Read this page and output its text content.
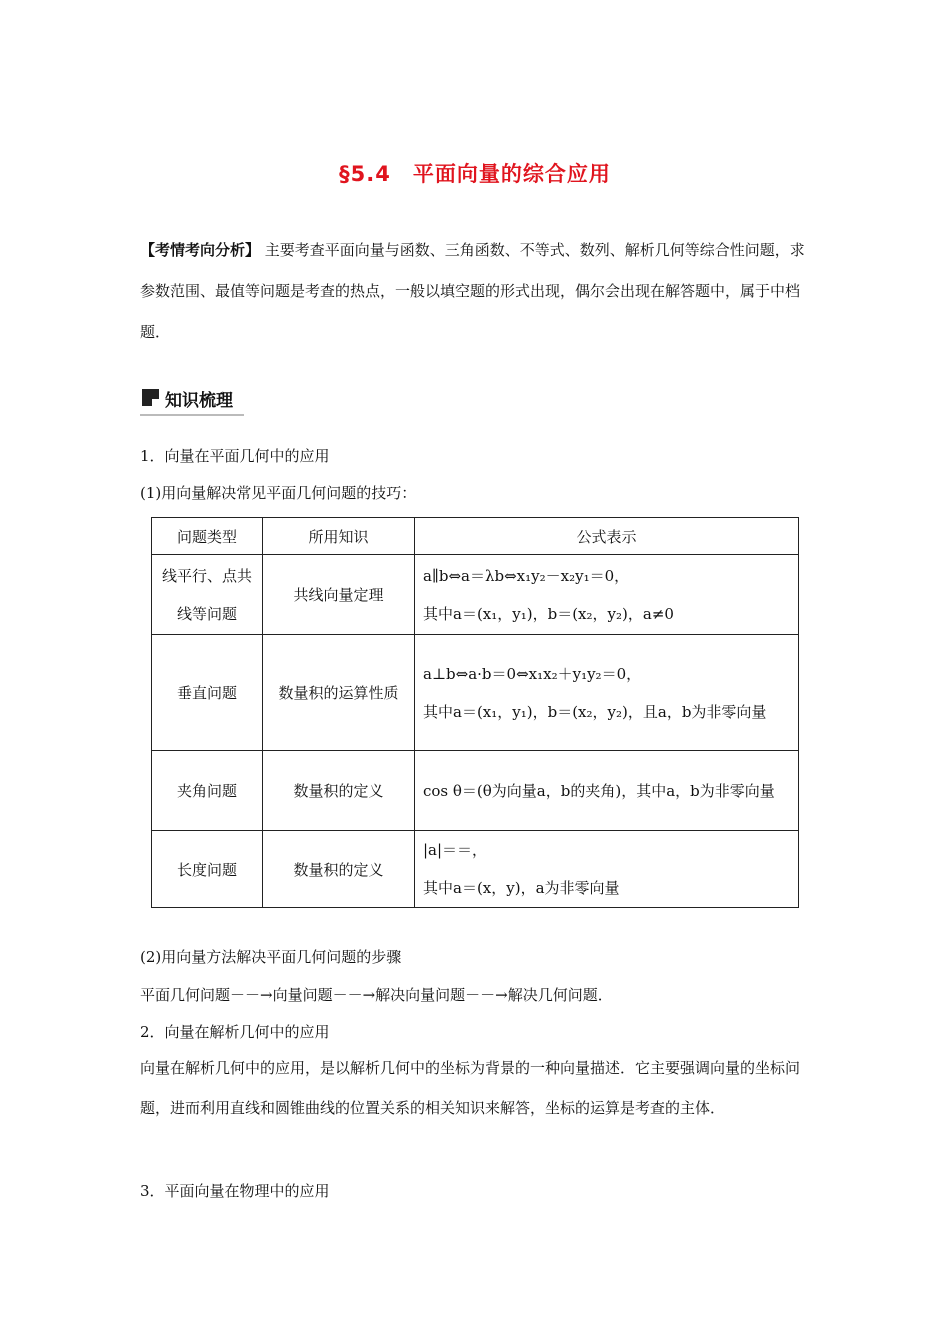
§5.4　平面向量的综合应用
【考情考向分析】 主要考查平面向量与函数、三角函数、不等式、数列、解析几何等综合性问题，求参数范围、最值等问题是考查的热点，一般以填空题的形式出现，偶尔会出现在解答题中，属于中档题．
知识梳理
1．向量在平面几何中的应用
(1)用向量解决常见平面几何问题的技巧：
问题类型	所用知识	公式表示
线平行、点共线等问题	共线向量定理	a∥b⇔a＝λb⇔x₁y₂－x₂y₁＝0，
其中a＝(x₁，y₁)，b＝(x₂，y₂)，a≠0

垂直问题	数量积的运算性质	a⊥b⇔a·b＝0⇔x₁x₂＋y₁y₂＝0，
其中a＝(x₁，y₁)，b＝(x₂，y₂)，且a，b为非零向量

夹角问题	数量积的定义	cos θ＝(θ为向量a，b的夹角)，其中a，b为非零向量

长度问题	数量积的定义	|a|＝＝，
其中a＝(x，y)，a为非零向量
(2)用向量方法解决平面几何问题的步骤
平面几何问题－－→向量问题－－→解决向量问题－－→解决几何问题．
2．向量在解析几何中的应用
向量在解析几何中的应用，是以解析几何中的坐标为背景的一种向量描述．它主要强调向量的坐标问题，进而利用直线和圆锥曲线的位置关系的相关知识来解答，坐标的运算是考查的主体．
3．平面向量在物理中的应用
